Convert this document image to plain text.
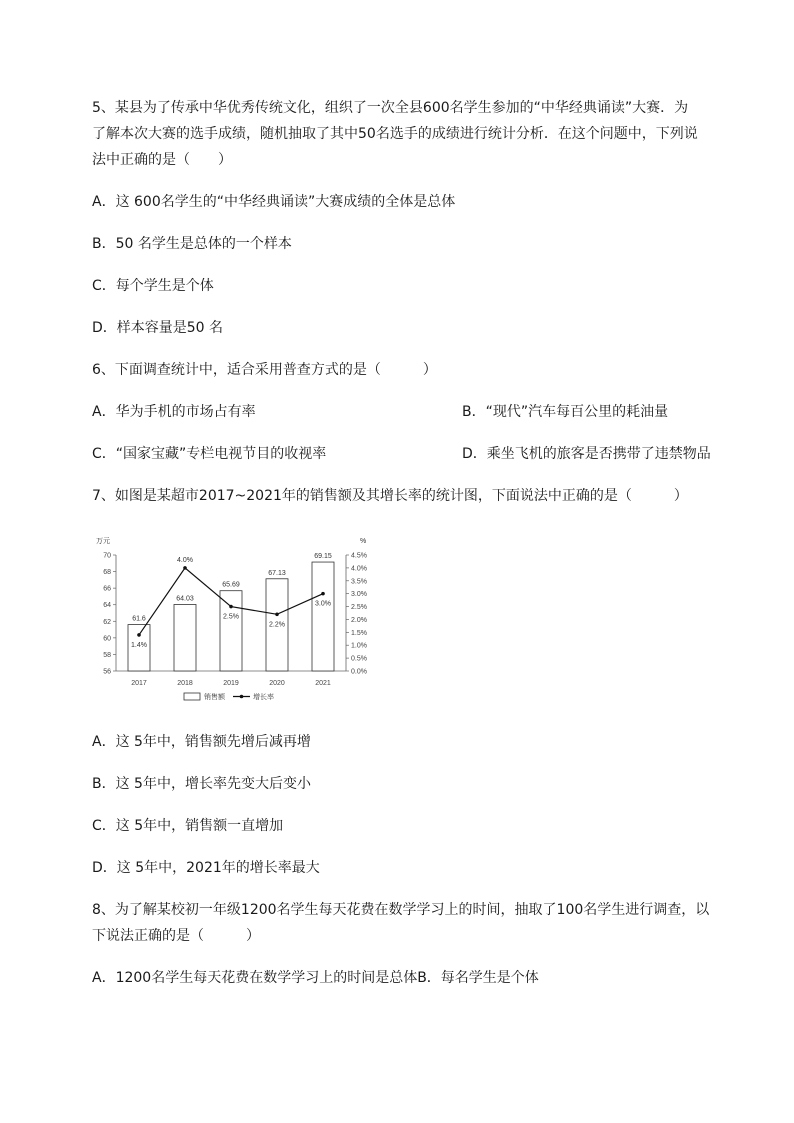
5、某县为了传承中华优秀传统文化，组织了一次全县600名学生参加的“中华经典诵读”大赛．为
了解本次大赛的选手成绩，随机抽取了其中50名选手的成绩进行统计分析．在这个问题中，下列说
法中正确的是（　　）
A．这 600名学生的“中华经典诵读”大赛成绩的全体是总体
B．50 名学生是总体的一个样本
C．每个学生是个体
D．样本容量是50 名
6、下面调查统计中，适合采用普查方式的是（　　　）
A．华为手机的市场占有率	B．“现代”汽车每百公里的耗油量
C．“国家宝藏”专栏电视节目的收视率	D．乘坐飞机的旅客是否携带了违禁物品
7、如图是某超市2017~2021年的销售额及其增长率的统计图，下面说法中正确的是（　　　）
万元	%
56
58
60
62
64
66
68
70
0.0%
0.5%
1.0%
1.5%
2.0%
2.5%
3.0%
3.5%
4.0%
4.5%
2017	2018	2019	2020	2021
61.6
64.03
65.69
67.13
69.15
1.4%
4.0%
2.5%
2.2%
3.0%
销售额	增长率
A．这 5年中，销售额先增后减再增
B．这 5年中，增长率先变大后变小
C．这 5年中，销售额一直增加
D．这 5年中，2021年的增长率最大
8、为了解某校初一年级1200名学生每天花费在数学学习上的时间，抽取了100名学生进行调查，以
下说法正确的是（　　　）
A．1200名学生每天花费在数学学习上的时间是总体B．每名学生是个体
